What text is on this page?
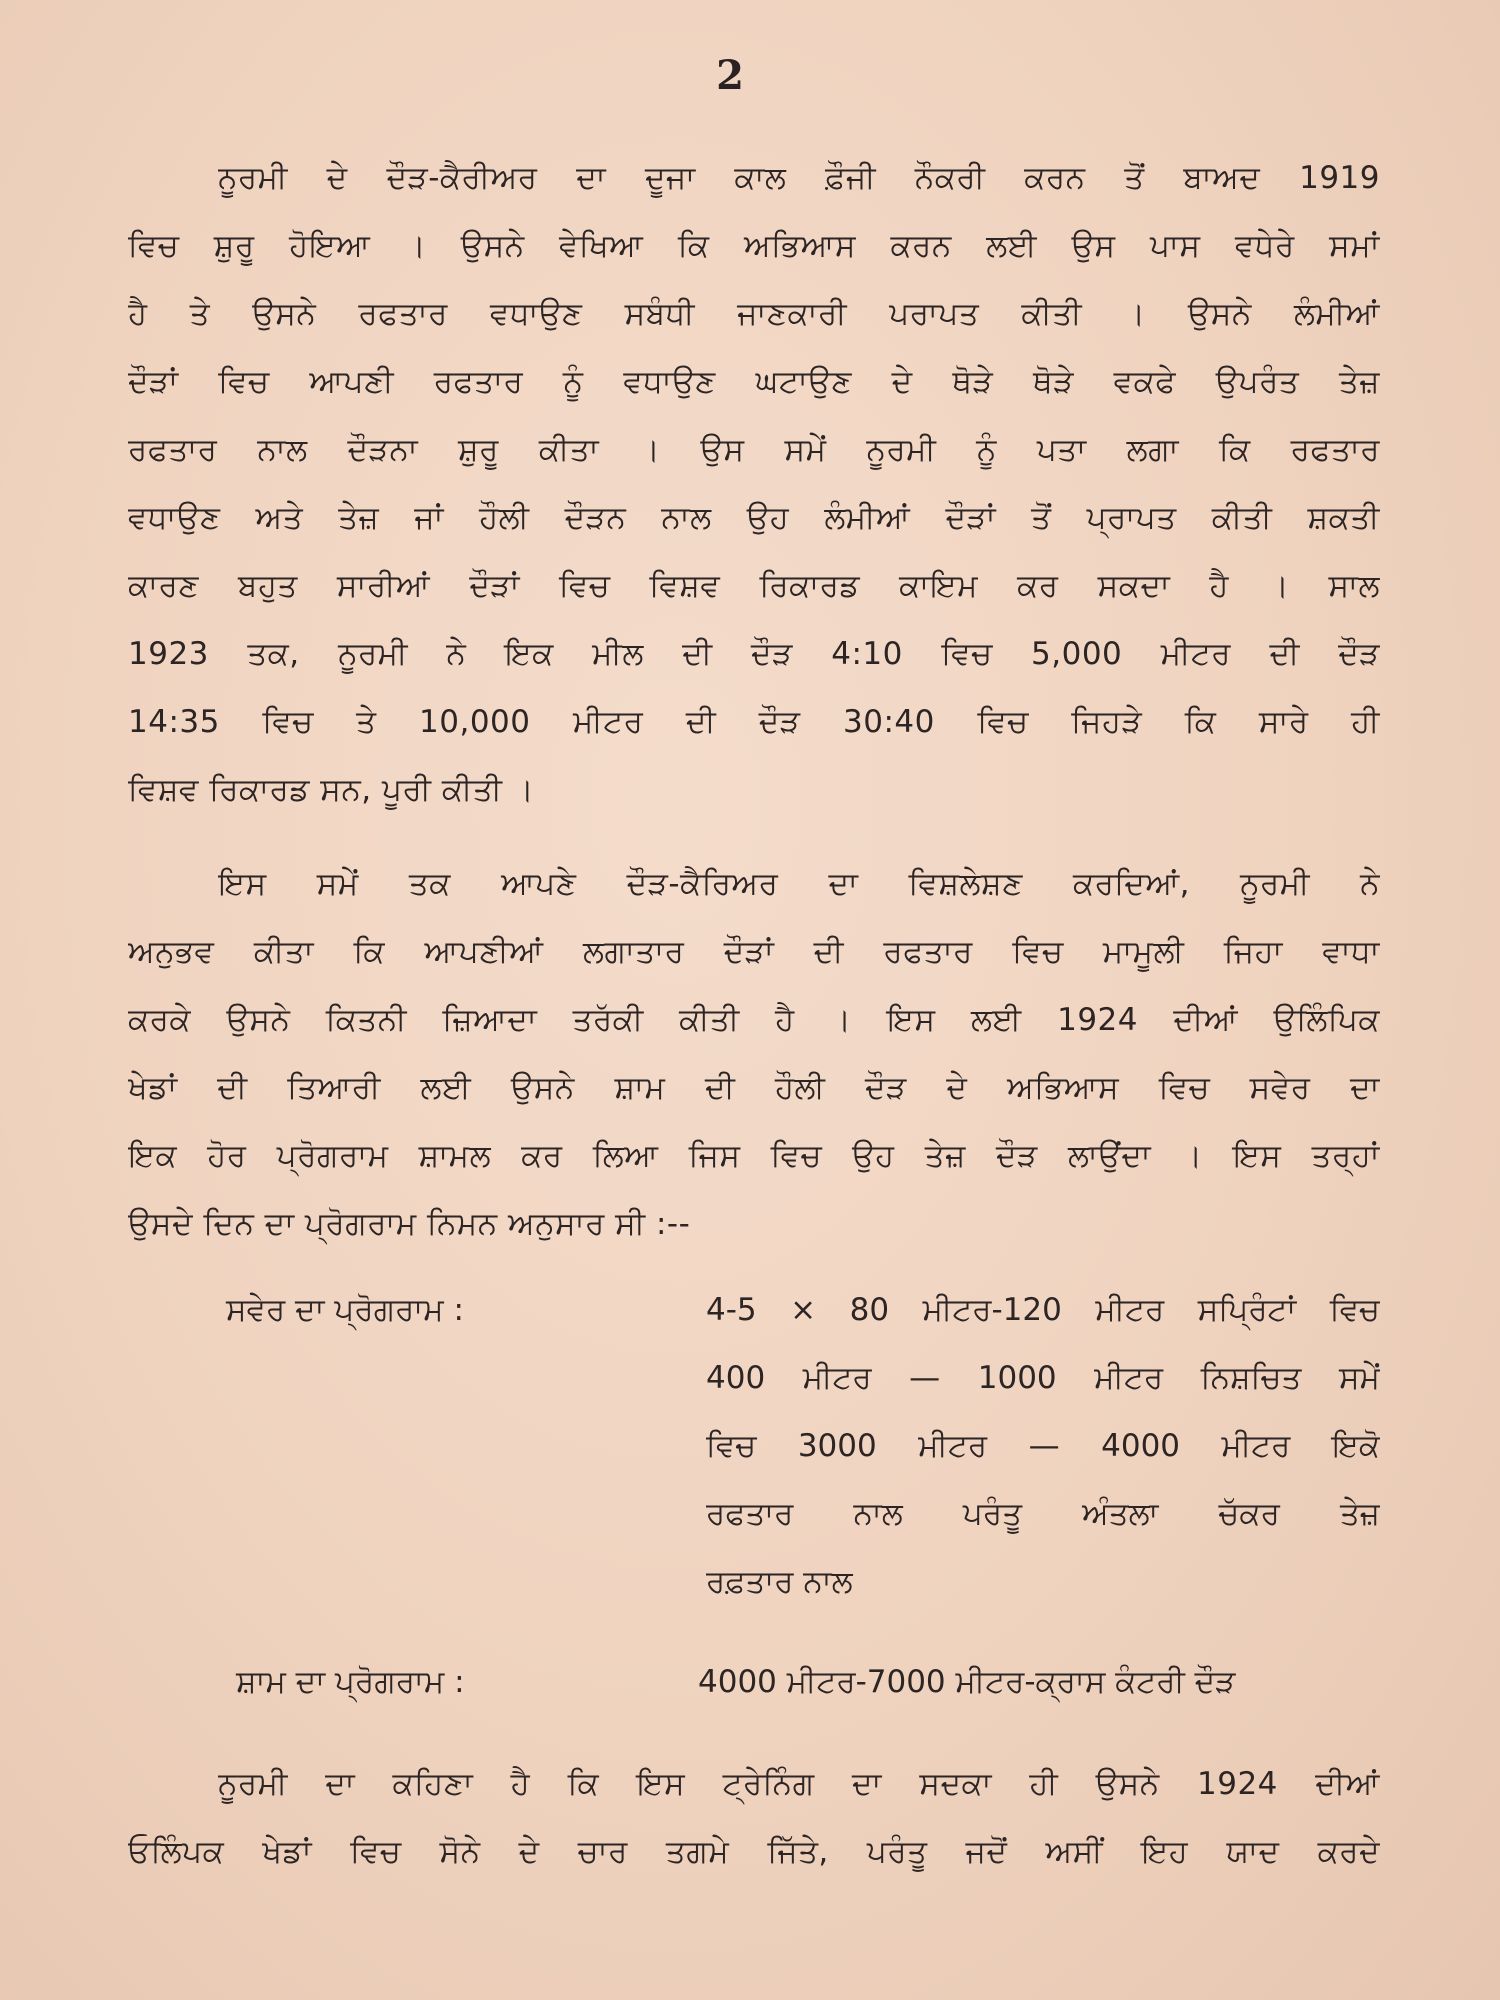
2
ਨੂਰਮੀ ਦੇ ਦੌੜ-ਕੈਰੀਅਰ ਦਾ ਦੂਜਾ ਕਾਲ ਫ਼ੌਜੀ ਨੌਕਰੀ ਕਰਨ ਤੋਂ ਬਾਅਦ 1919
ਵਿਚ ਸ਼ੁਰੂ ਹੋਇਆ । ਉਸਨੇ ਵੇਖਿਆ ਕਿ ਅਭਿਆਸ ਕਰਨ ਲਈ ਉਸ ਪਾਸ ਵਧੇਰੇ ਸਮਾਂ
ਹੈ ਤੇ ਉਸਨੇ ਰਫਤਾਰ ਵਧਾਉਣ ਸਬੰਧੀ ਜਾਣਕਾਰੀ ਪਰਾਪਤ ਕੀਤੀ । ਉਸਨੇ ਲੰਮੀਆਂ
ਦੌੜਾਂ ਵਿਚ ਆਪਣੀ ਰਫਤਾਰ ਨੂੰ ਵਧਾਉਣ ਘਟਾਉਣ ਦੇ ਥੋੜੇ ਥੋੜੇ ਵਕਫੇ ਉਪਰੰਤ ਤੇਜ਼
ਰਫਤਾਰ ਨਾਲ ਦੌੜਨਾ ਸ਼ੁਰੂ ਕੀਤਾ । ਉਸ ਸਮੇਂ ਨੂਰਮੀ ਨੂੰ ਪਤਾ ਲਗਾ ਕਿ ਰਫਤਾਰ
ਵਧਾਉਣ ਅਤੇ ਤੇਜ਼ ਜਾਂ ਹੌਲੀ ਦੌੜਨ ਨਾਲ ਉਹ ਲੰਮੀਆਂ ਦੌੜਾਂ ਤੋਂ ਪ੍ਰਾਪਤ ਕੀਤੀ ਸ਼ਕਤੀ
ਕਾਰਣ ਬਹੁਤ ਸਾਰੀਆਂ ਦੌੜਾਂ ਵਿਚ ਵਿਸ਼ਵ ਰਿਕਾਰਡ ਕਾਇਮ ਕਰ ਸਕਦਾ ਹੈ । ਸਾਲ
1923 ਤਕ, ਨੂਰਮੀ ਨੇ ਇਕ ਮੀਲ ਦੀ ਦੌੜ 4:10 ਵਿਚ 5,000 ਮੀਟਰ ਦੀ ਦੌੜ
14:35 ਵਿਚ ਤੇ 10,000 ਮੀਟਰ ਦੀ ਦੌੜ 30:40 ਵਿਚ ਜਿਹੜੇ ਕਿ ਸਾਰੇ ਹੀ
ਵਿਸ਼ਵ ਰਿਕਾਰਡ ਸਨ, ਪੂਰੀ ਕੀਤੀ ।
ਇਸ ਸਮੇਂ ਤਕ ਆਪਣੇ ਦੌੜ-ਕੈਰਿਅਰ ਦਾ ਵਿਸ਼ਲੇਸ਼ਣ ਕਰਦਿਆਂ, ਨੂਰਮੀ ਨੇ
ਅਨੁਭਵ ਕੀਤਾ ਕਿ ਆਪਣੀਆਂ ਲਗਾਤਾਰ ਦੌੜਾਂ ਦੀ ਰਫਤਾਰ ਵਿਚ ਮਾਮੂਲੀ ਜਿਹਾ ਵਾਧਾ
ਕਰਕੇ ਉਸਨੇ ਕਿਤਨੀ ਜ਼ਿਆਦਾ ਤਰੱਕੀ ਕੀਤੀ ਹੈ । ਇਸ ਲਈ 1924 ਦੀਆਂ ਉਲਿੰਪਿਕ
ਖੇਡਾਂ ਦੀ ਤਿਆਰੀ ਲਈ ਉਸਨੇ ਸ਼ਾਮ ਦੀ ਹੌਲੀ ਦੌੜ ਦੇ ਅਭਿਆਸ ਵਿਚ ਸਵੇਰ ਦਾ
ਇਕ ਹੋਰ ਪ੍ਰੋਗਰਾਮ ਸ਼ਾਮਲ ਕਰ ਲਿਆ ਜਿਸ ਵਿਚ ਉਹ ਤੇਜ਼ ਦੌੜ ਲਾਉਂਦਾ । ਇਸ ਤਰ੍ਹਾਂ
ਉਸਦੇ ਦਿਨ ਦਾ ਪ੍ਰੋਗਰਾਮ ਨਿਮਨ ਅਨੁਸਾਰ ਸੀ :--
ਸਵੇਰ ਦਾ ਪ੍ਰੋਗਰਾਮ :	4-5 × 80 ਮੀਟਰ-120 ਮੀਟਰ ਸਪ੍ਰਿੰਟਾਂ ਵਿਚ
400 ਮੀਟਰ — 1000 ਮੀਟਰ ਨਿਸ਼ਚਿਤ ਸਮੇਂ
ਵਿਚ 3000 ਮੀਟਰ — 4000 ਮੀਟਰ ਇਕੋ
ਰਫਤਾਰ ਨਾਲ ਪਰੰਤੂ ਅੰਤਲਾ ਚੱਕਰ ਤੇਜ਼
ਰਫ਼ਤਾਰ ਨਾਲ
ਸ਼ਾਮ ਦਾ ਪ੍ਰੋਗਰਾਮ :	4000 ਮੀਟਰ-7000 ਮੀਟਰ-ਕ੍ਰਾਸ ਕੰਟਰੀ ਦੌੜ
ਨੂਰਮੀ ਦਾ ਕਹਿਣਾ ਹੈ ਕਿ ਇਸ ਟ੍ਰੇਨਿੰਗ ਦਾ ਸਦਕਾ ਹੀ ਉਸਨੇ 1924 ਦੀਆਂ
ਓਲਿੰਪਕ ਖੇਡਾਂ ਵਿਚ ਸੋਨੇ ਦੇ ਚਾਰ ਤਗਮੇ ਜਿੱਤੇ, ਪਰੰਤੂ ਜਦੋਂ ਅਸੀਂ ਇਹ ਯਾਦ ਕਰਦੇ
